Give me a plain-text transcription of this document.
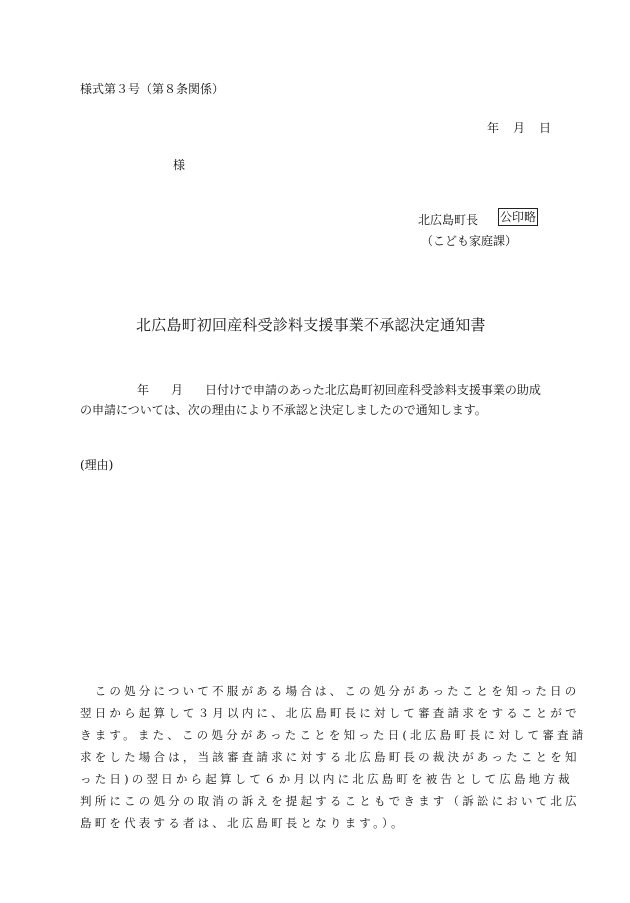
様式第３号（第８条関係）
年 月 日
様
北広島町長 公印略
（こども家庭課）
北広島町初回産科受診料支援事業不承認決定通知書
年 月 日付けで申請のあった北広島町初回産科受診料支援事業の助成
の申請については、次の理由により不承認と決定しましたので通知します。
(理由)
　この処分について不服がある場合は、この処分があったことを知った日の
翌日から起算して３月以内に、北広島町長に対して審査請求をすることがで
きます。また、この処分があったことを知った日(北広島町長に対して審査請
求をした場合は，当該審査請求に対する北広島町長の裁決があったことを知
った日)の翌日から起算して６か月以内に北広島町を被告として広島地方裁
判所にこの処分の取消の訴えを提起することもできます（訴訟において北広
島町を代表する者は、北広島町長となります。）。
